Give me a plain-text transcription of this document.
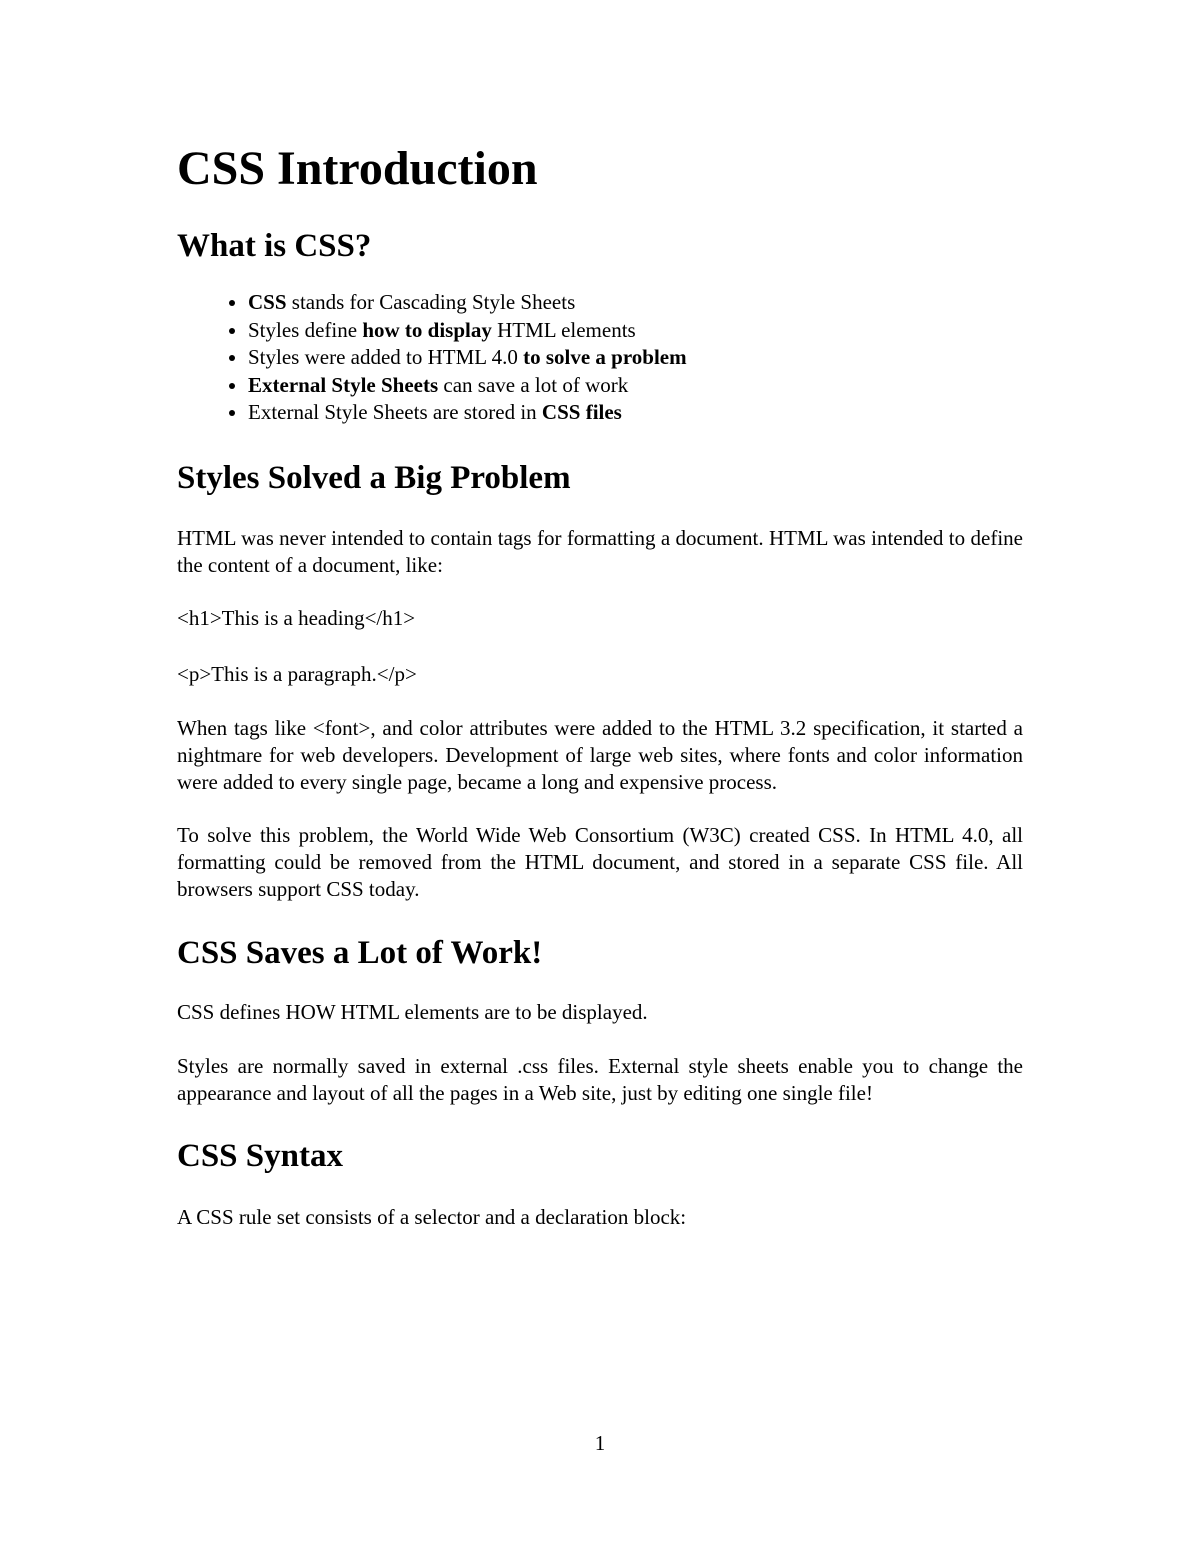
CSS Introduction
What is CSS?
• CSS stands for Cascading Style Sheets
• Styles define how to display HTML elements
• Styles were added to HTML 4.0 to solve a problem
• External Style Sheets can save a lot of work
• External Style Sheets are stored in CSS files
Styles Solved a Big Problem

HTML was never intended to contain tags for formatting a document. HTML was intended to define the content of a document, like:

<h1>This is a heading</h1>

<p>This is a paragraph.</p>

When tags like <font>, and color attributes were added to the HTML 3.2 specification, it started a nightmare for web developers. Development of large web sites, where fonts and color information were added to every single page, became a long and expensive process.

To solve this problem, the World Wide Web Consortium (W3C) created CSS. In HTML 4.0, all formatting could be removed from the HTML document, and stored in a separate CSS file. All browsers support CSS today.

CSS Saves a Lot of Work!

CSS defines HOW HTML elements are to be displayed.

Styles are normally saved in external .css files. External style sheets enable you to change the appearance and layout of all the pages in a Web site, just by editing one single file!

CSS Syntax

A CSS rule set consists of a selector and a declaration block:

1
